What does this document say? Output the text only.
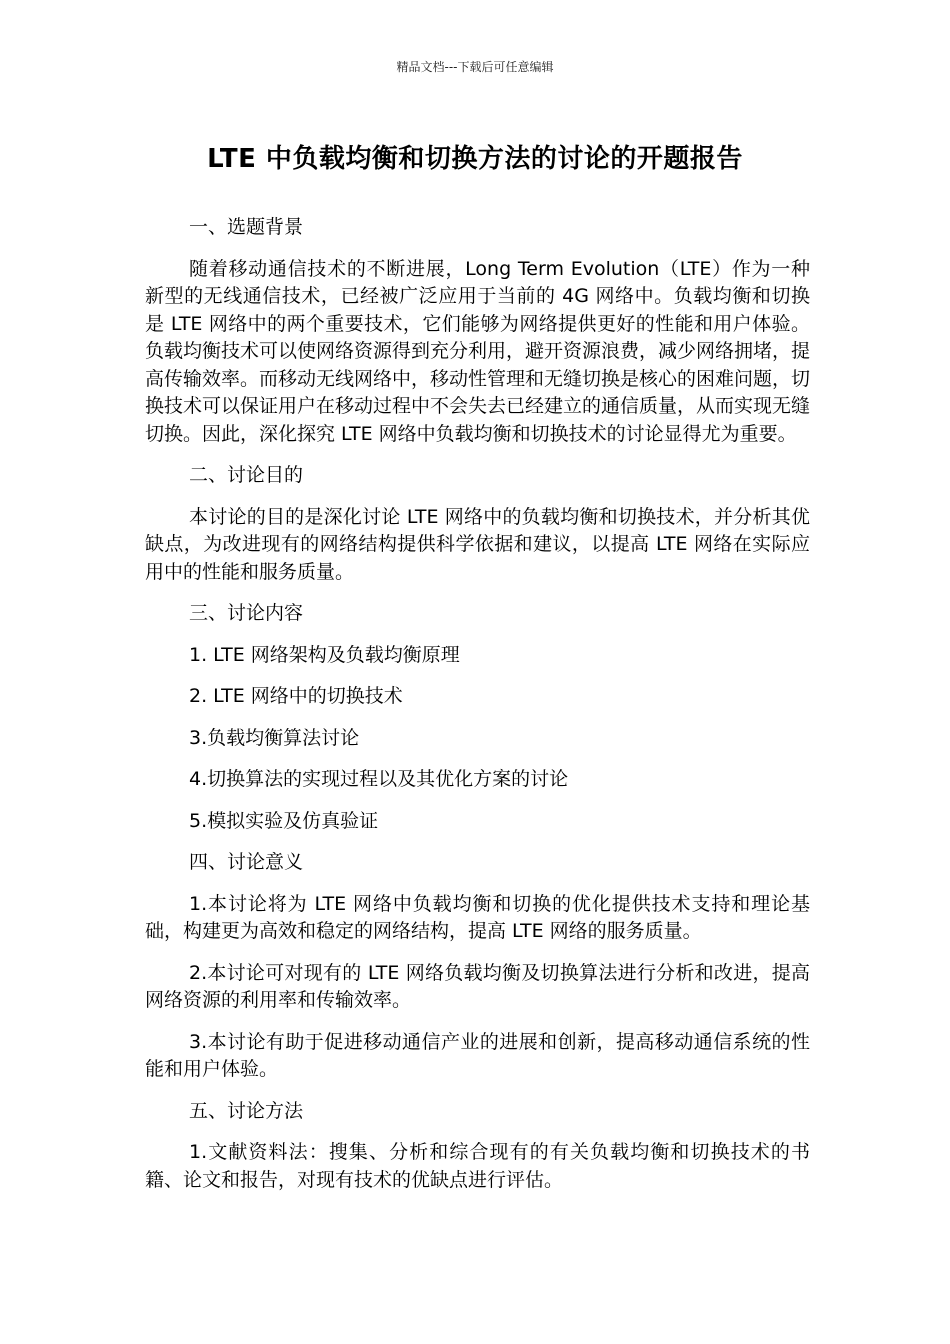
精品文档---下载后可任意编辑
LTE 中负载均衡和切换方法的讨论的开题报告

一、选题背景

随着移动通信技术的不断进展，Long Term Evolution（LTE）作为一种新型的无线通信技术，已经被广泛应用于当前的 4G 网络中。负载均衡和切换是 LTE 网络中的两个重要技术，它们能够为网络提供更好的性能和用户体验。负载均衡技术可以使网络资源得到充分利用，避开资源浪费，减少网络拥堵，提高传输效率。而移动无线网络中，移动性管理和无缝切换是核心的困难问题，切换技术可以保证用户在移动过程中不会失去已经建立的通信质量，从而实现无缝切换。因此，深化探究 LTE 网络中负载均衡和切换技术的讨论显得尤为重要。

二、讨论目的

本讨论的目的是深化讨论 LTE 网络中的负载均衡和切换技术，并分析其优缺点，为改进现有的网络结构提供科学依据和建议，以提高 LTE 网络在实际应用中的性能和服务质量。

三、讨论内容

1. LTE 网络架构及负载均衡原理

2. LTE 网络中的切换技术

3.负载均衡算法讨论

4.切换算法的实现过程以及其优化方案的讨论

5.模拟实验及仿真验证

四、讨论意义

1.本讨论将为 LTE 网络中负载均衡和切换的优化提供技术支持和理论基础，构建更为高效和稳定的网络结构，提高 LTE 网络的服务质量。

2.本讨论可对现有的 LTE 网络负载均衡及切换算法进行分析和改进，提高网络资源的利用率和传输效率。

3.本讨论有助于促进移动通信产业的进展和创新，提高移动通信系统的性能和用户体验。

五、讨论方法

1.文献资料法：搜集、分析和综合现有的有关负载均衡和切换技术的书籍、论文和报告，对现有技术的优缺点进行评估。
